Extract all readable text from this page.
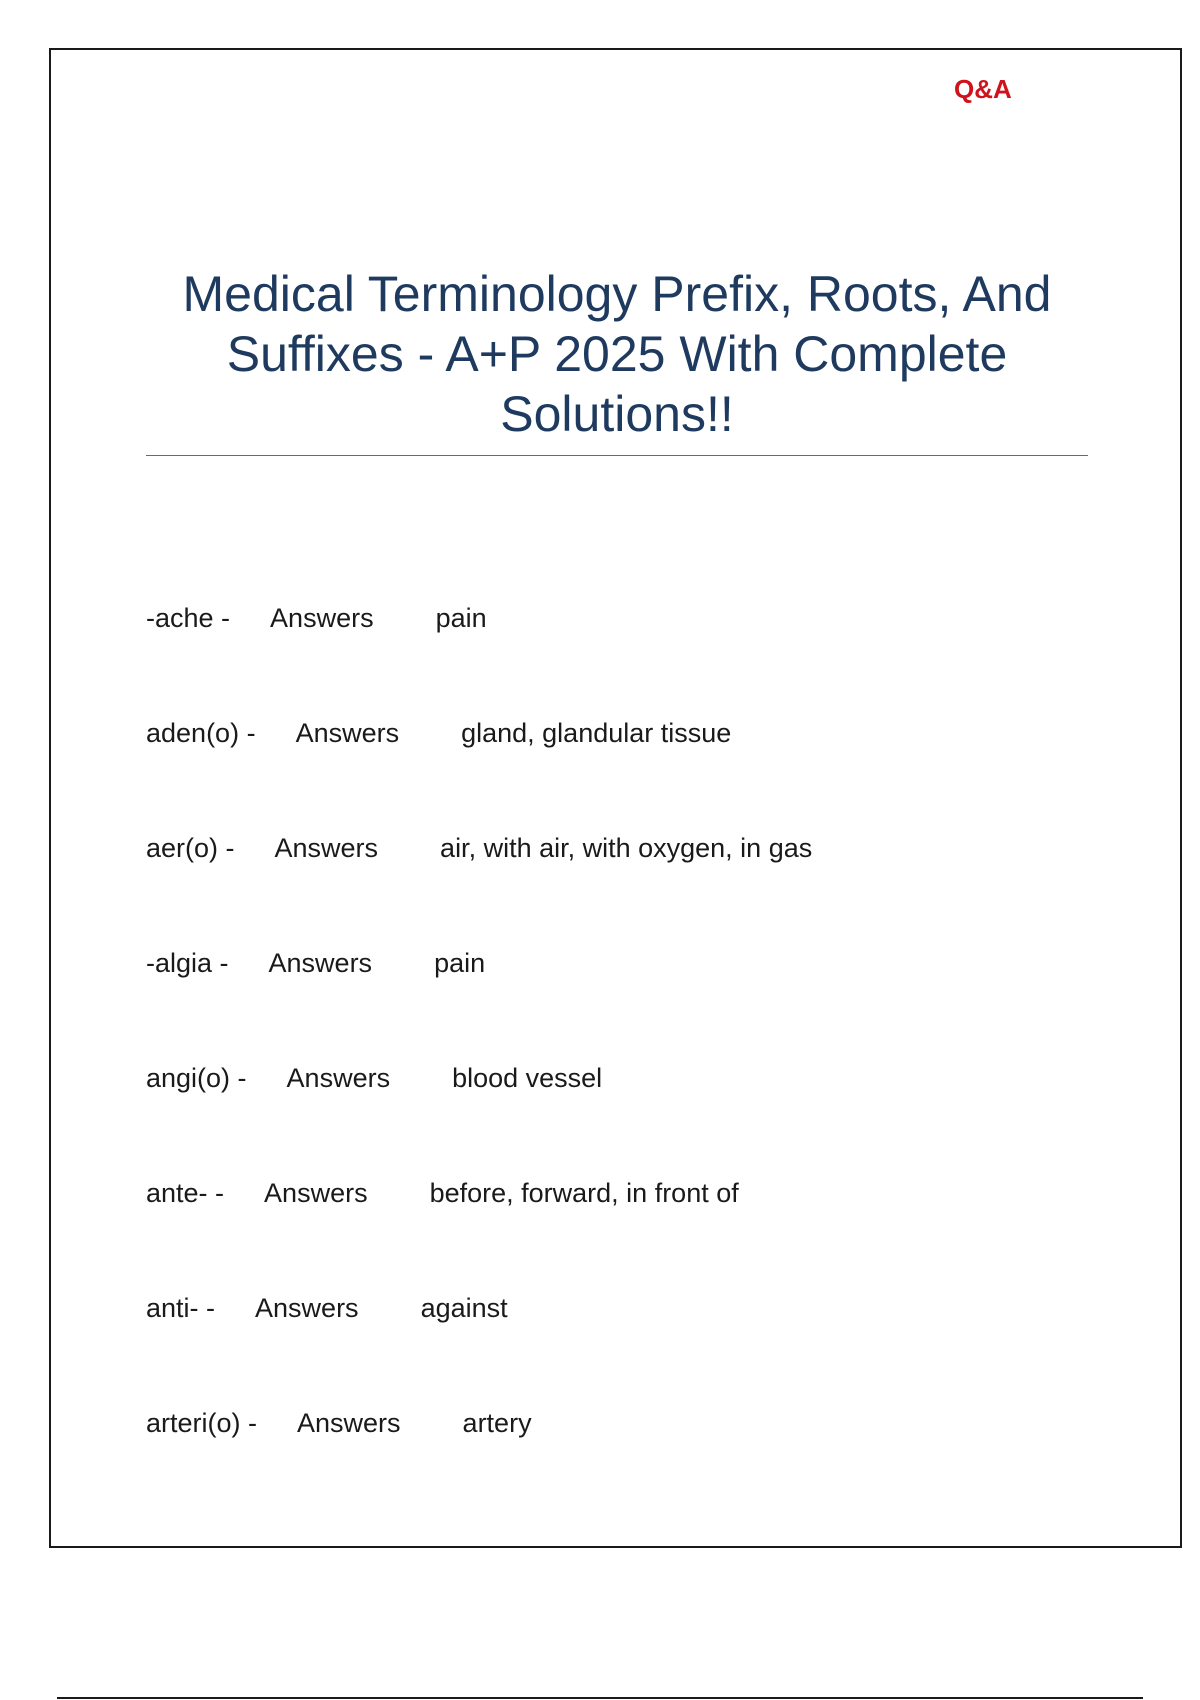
Q&A
Medical Terminology Prefix, Roots, And Suffixes - A+P 2025 With Complete Solutions!!
-ache - Answers pain
aden(o) - Answers gland, glandular tissue
aer(o) - Answers air, with air, with oxygen, in gas
-algia - Answers pain
angi(o) - Answers blood vessel
ante- - Answers before, forward, in front of
anti- - Answers against
arteri(o) - Answers artery
